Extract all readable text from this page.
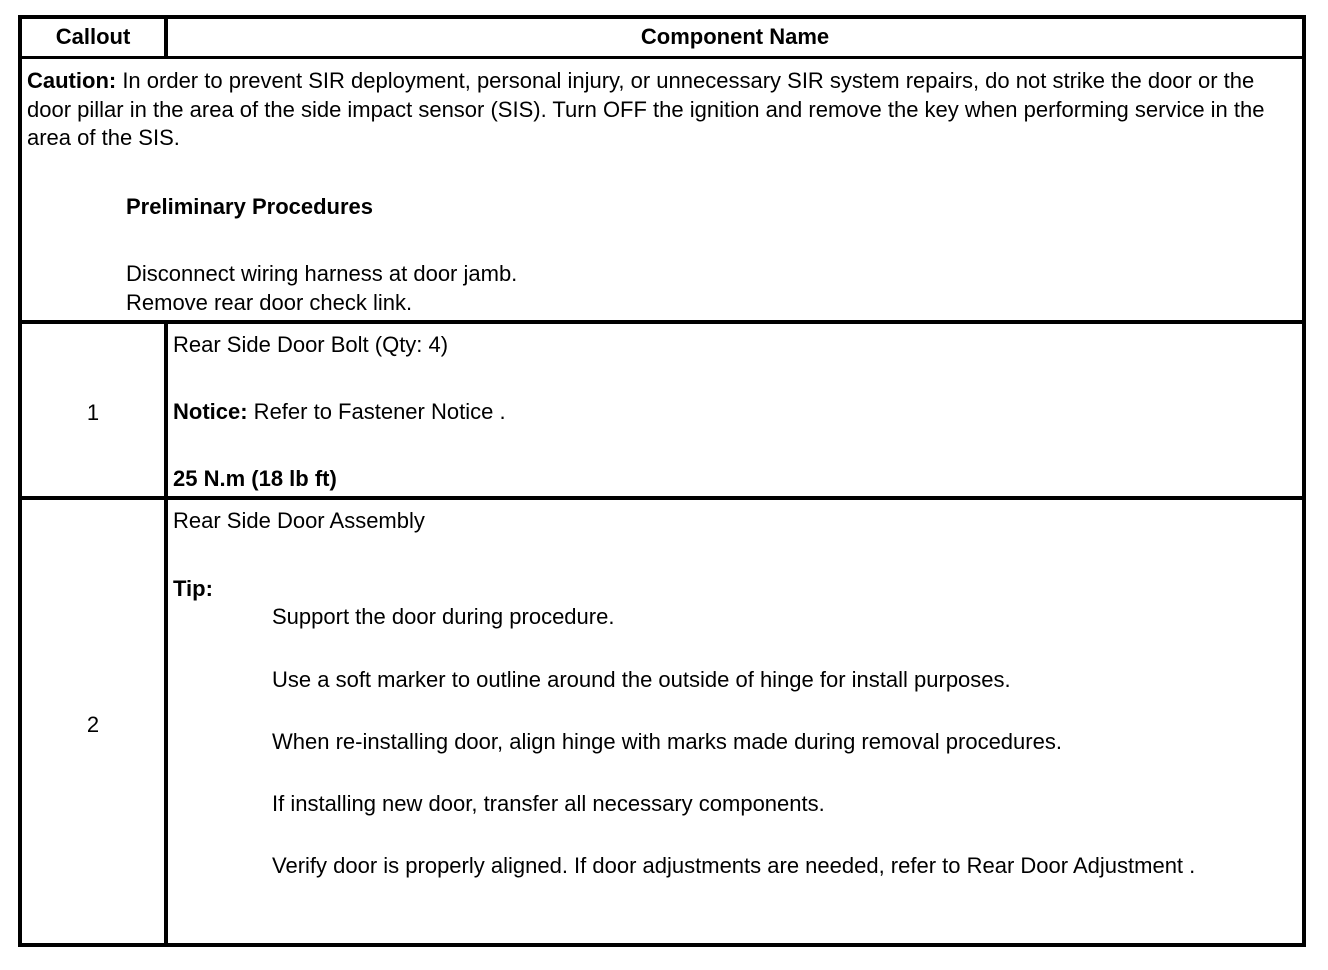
Callout	Component Name
Caution: In order to prevent SIR deployment, personal injury, or unnecessary SIR system repairs, do not strike the door or the door pillar in the area of the side impact sensor (SIS). Turn OFF the ignition and remove the key when performing service in the area of the SIS.
Preliminary Procedures
Disconnect wiring harness at door jamb.
Remove rear door check link.
1
Rear Side Door Bolt (Qty: 4)
Notice: Refer to Fastener Notice .
25 N.m (18 lb ft)
2
Rear Side Door Assembly
Tip:
Support the door during procedure.
Use a soft marker to outline around the outside of hinge for install purposes.
When re-installing door, align hinge with marks made during removal procedures.
If installing new door, transfer all necessary components.
Verify door is properly aligned. If door adjustments are needed, refer to Rear Door Adjustment .
